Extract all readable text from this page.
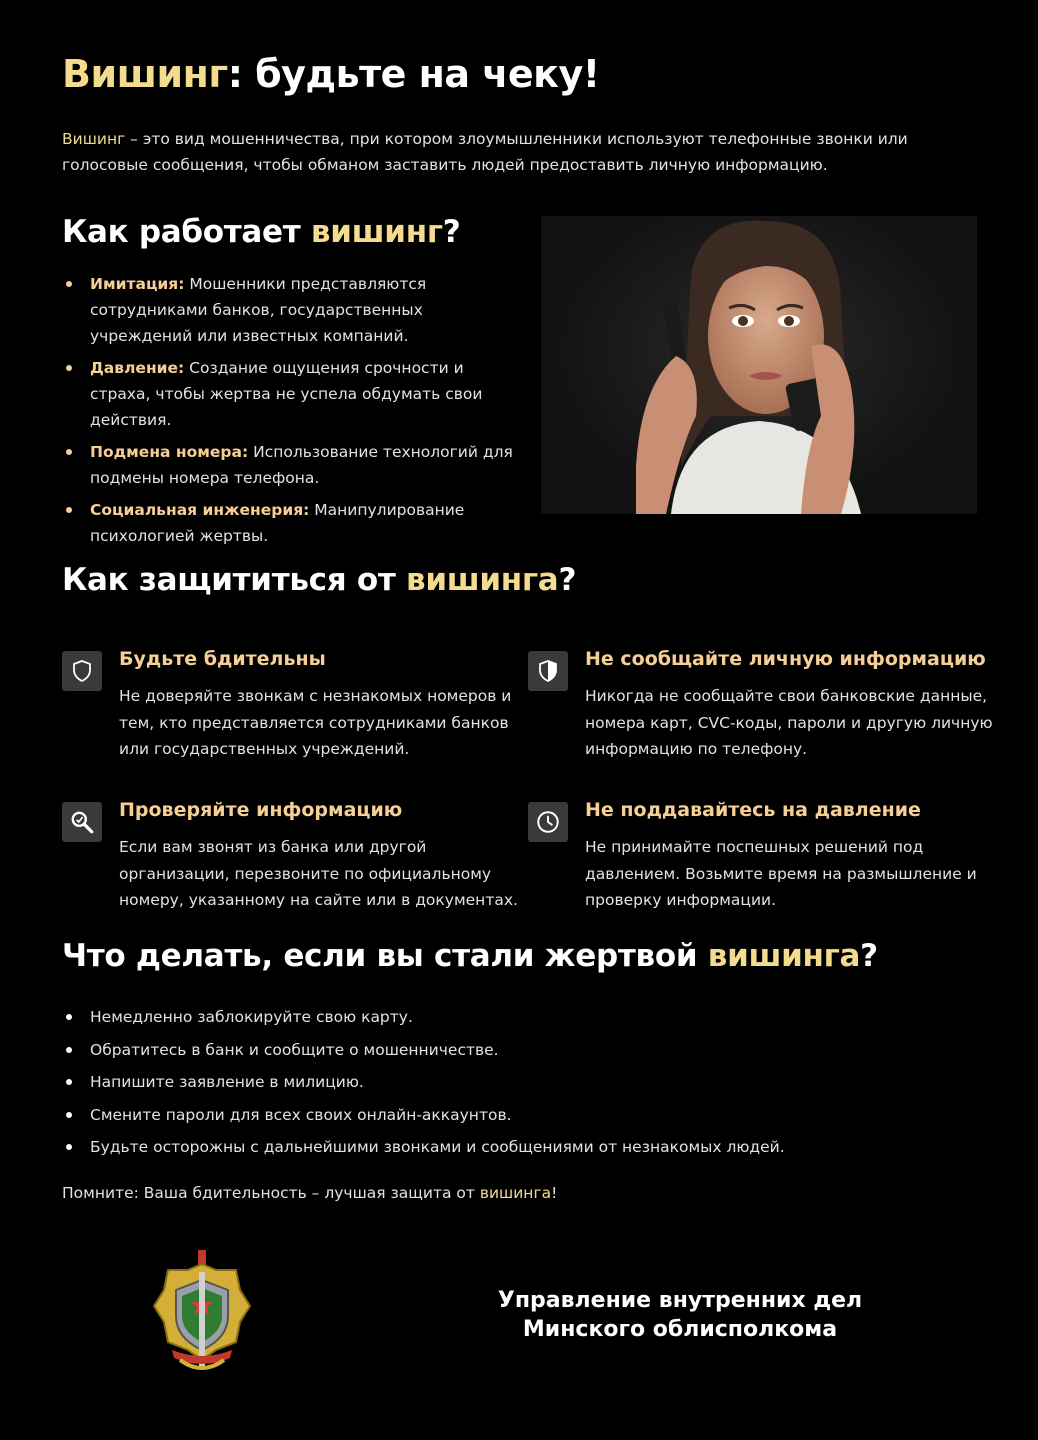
Вишинг: будьте на чеку!

Вишинг – это вид мошенничества, при котором злоумышленники используют телефонные звонки или голосовые сообщения, чтобы обманом заставить людей предоставить личную информацию.

Как работает вишинг?
Имитация: Мошенники представляются сотрудниками банков, государственных учреждений или известных компаний.
Давление: Создание ощущения срочности и страха, чтобы жертва не успела обдумать свои действия.
Подмена номера: Использование технологий для подмены номера телефона.
Социальная инженерия: Манипулирование психологией жертвы.
Как защититься от вишинга?
Будьте бдительны

Не доверяйте звонкам с незнакомых номеров и тем, кто представляется сотрудниками банков или государственных учреждений.

Не сообщайте личную информацию

Никогда не сообщайте свои банковские данные, номера карт, CVC-коды, пароли и другую личную информацию по телефону.

Проверяйте информацию

Если вам звонят из банка или другой организации, перезвоните по официальному номеру, указанному на сайте или в документах.

Не поддавайтесь на давление

Не принимайте поспешных решений под давлением. Возьмите время на размышление и проверку информации.

Что делать, если вы стали жертвой вишинга?
Немедленно заблокируйте свою карту.
Обратитесь в банк и сообщите о мошенничестве.
Напишите заявление в милицию.
Смените пароли для всех своих онлайн-аккаунтов.
Будьте осторожны с дальнейшими звонками и сообщениями от незнакомых людей.

Помните: Ваша бдительность – лучшая защита от вишинга!

Управление внутренних дел
Минского облисполкома
